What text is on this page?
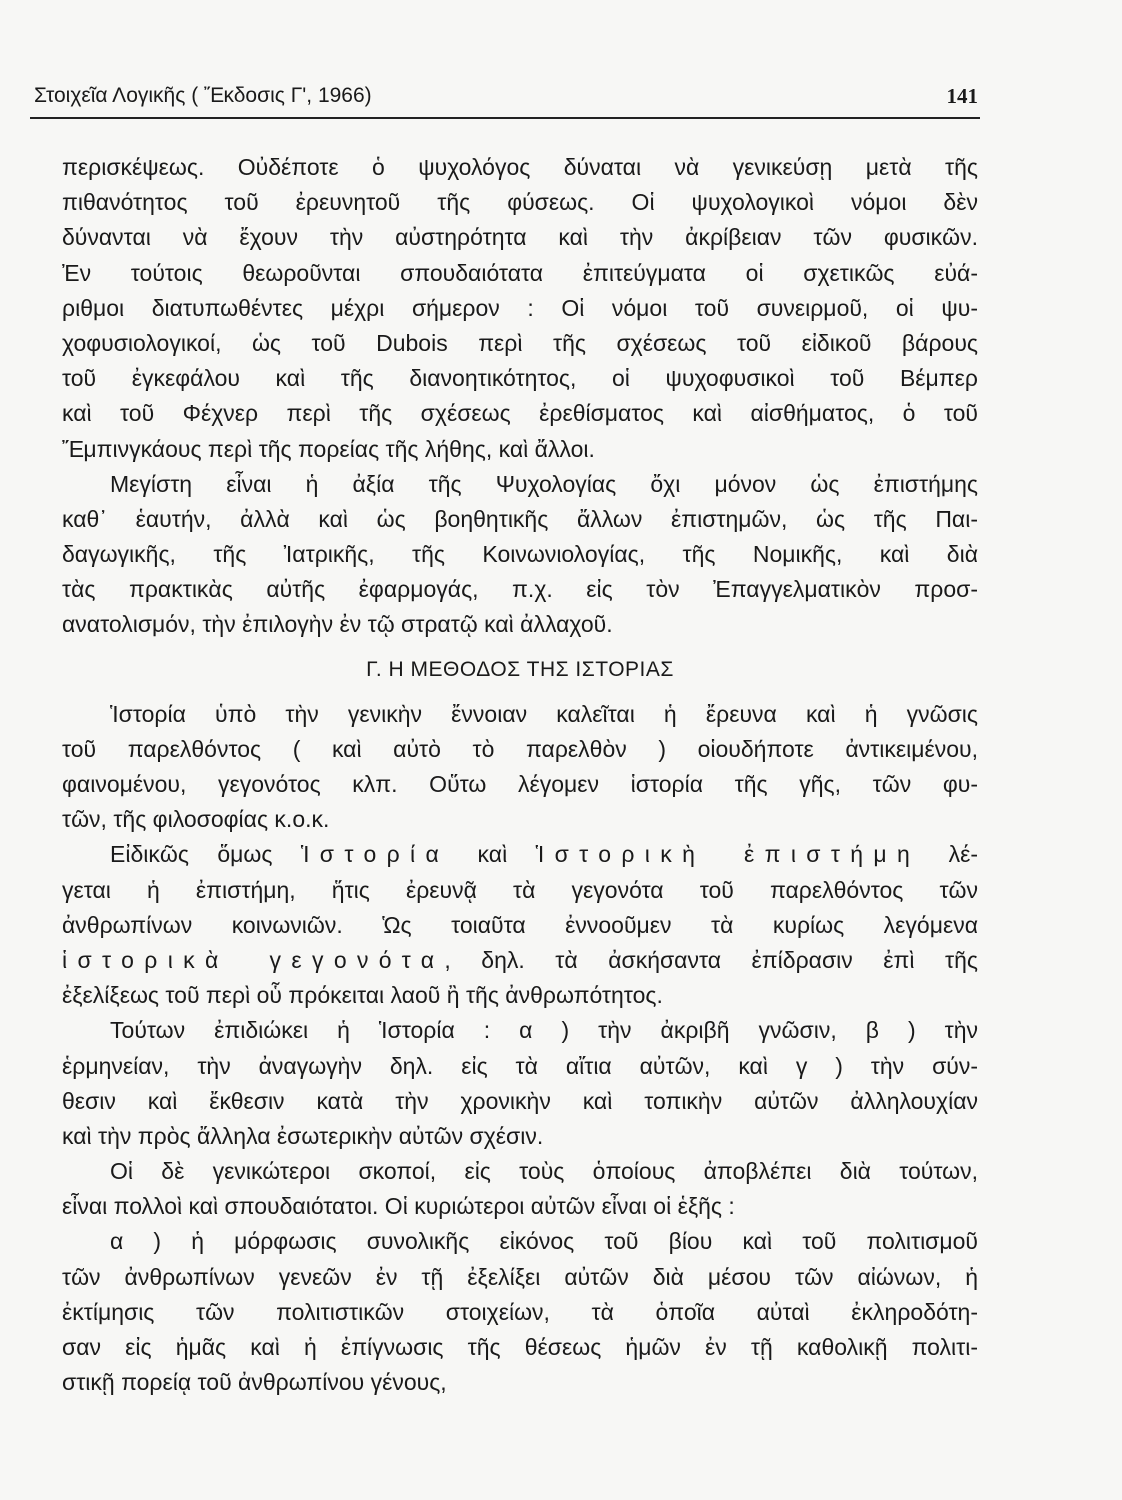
Στοιχεῖα Λογικῆς ( Ἔκδοσις Γ', 1966)	141
περισκέψεως. Οὐδέποτε ὁ ψυχολόγος δύναται νὰ γενικεύσῃ μετὰ τῆς
πιθανότητος τοῦ ἐρευνητοῦ τῆς φύσεως. Οἱ ψυχολογικοὶ νόμοι δὲν
δύνανται νὰ ἔχουν τὴν αὐστηρότητα καὶ τὴν ἀκρίβειαν τῶν φυσικῶν.
Ἐν τούτοις θεωροῦνται σπουδαιότατα ἐπιτεύγματα οἱ σχετικῶς εὐά-
ριθμοι διατυπωθέντες μέχρι σήμερον : Οἱ νόμοι τοῦ συνειρμοῦ, οἱ ψυ-
χοφυσιολογικοί, ὡς τοῦ Dubois περὶ τῆς σχέσεως τοῦ εἰδικοῦ βάρους
τοῦ ἐγκεφάλου καὶ τῆς διανοητικότητος, οἱ ψυχοφυσικοὶ τοῦ Βέμπερ
καὶ τοῦ Φέχνερ περὶ τῆς σχέσεως ἐρεθίσματος καὶ αἰσθήματος, ὁ τοῦ
Ἔμπινγκάους περὶ τῆς πορείας τῆς λήθης, καὶ ἄλλοι.
Μεγίστη εἶναι ἡ ἀξία τῆς Ψυχολογίας ὄχι μόνον ὡς ἐπιστήμης
καθ᾽ ἑαυτήν, ἀλλὰ καὶ ὡς βοηθητικῆς ἄλλων ἐπιστημῶν, ὡς τῆς Παι-
δαγωγικῆς, τῆς Ἰατρικῆς, τῆς Κοινωνιολογίας, τῆς Νομικῆς, καὶ διὰ
τὰς πρακτικὰς αὐτῆς ἐφαρμογάς, π.χ. εἰς τὸν Ἐπαγγελματικὸν προσ-
ανατολισμόν, τὴν ἐπιλογὴν ἐν τῷ στρατῷ καὶ ἀλλαχοῦ.
Γ. Η ΜΕΘΟΔΟΣ ΤΗΣ ΙΣΤΟΡΙΑΣ
Ἱστορία ὑπὸ τὴν γενικὴν ἔννοιαν καλεῖται ἡ ἔρευνα καὶ ἡ γνῶσις
τοῦ παρελθόντος ( καὶ αὐτὸ τὸ παρελθὸν ) οἱουδήποτε ἀντικειμένου,
φαινομένου, γεγονότος κλπ. Οὕτω λέγομεν ἱστορία τῆς γῆς, τῶν φυ-
τῶν, τῆς φιλοσοφίας κ.ο.κ.
Εἰδικῶς ὅμως Ἱστορία καὶ Ἱστορικὴ ἐπιστήμη λέ-
γεται ἡ ἐπιστήμη, ἥτις ἐρευνᾷ τὰ γεγονότα τοῦ παρελθόντος τῶν
ἀνθρωπίνων κοινωνιῶν. Ὡς τοιαῦτα ἐννοοῦμεν τὰ κυρίως λεγόμενα
ἱστορικὰ γεγονότα, δηλ. τὰ ἀσκήσαντα ἐπίδρασιν ἐπὶ τῆς
ἐξελίξεως τοῦ περὶ οὗ πρόκειται λαοῦ ἢ τῆς ἀνθρωπότητος.
Τούτων ἐπιδιώκει ἡ Ἱστορία : α ) τὴν ἀκριβῆ γνῶσιν, β ) τὴν
ἑρμηνείαν, τὴν ἀναγωγὴν δηλ. εἰς τὰ αἴτια αὐτῶν, καὶ γ ) τὴν σύν-
θεσιν καὶ ἔκθεσιν κατὰ τὴν χρονικὴν καὶ τοπικὴν αὐτῶν ἀλληλουχίαν
καὶ τὴν πρὸς ἄλληλα ἐσωτερικὴν αὐτῶν σχέσιν.
Οἱ δὲ γενικώτεροι σκοποί, εἰς τοὺς ὁποίους ἀποβλέπει διὰ τούτων,
εἶναι πολλοὶ καὶ σπουδαιότατοι. Οἱ κυριώτεροι αὐτῶν εἶναι οἱ ἑξῆς :
α ) ἡ μόρφωσις συνολικῆς εἰκόνος τοῦ βίου καὶ τοῦ πολιτισμοῦ
τῶν ἀνθρωπίνων γενεῶν ἐν τῇ ἐξελίξει αὐτῶν διὰ μέσου τῶν αἰώνων, ἡ
ἐκτίμησις τῶν πολιτιστικῶν στοιχείων, τὰ ὁποῖα αὐταὶ ἐκληροδότη-
σαν εἰς ἡμᾶς καὶ ἡ ἐπίγνωσις τῆς θέσεως ἡμῶν ἐν τῇ καθολικῇ πολιτι-
στικῇ πορείᾳ τοῦ ἀνθρωπίνου γένους,
